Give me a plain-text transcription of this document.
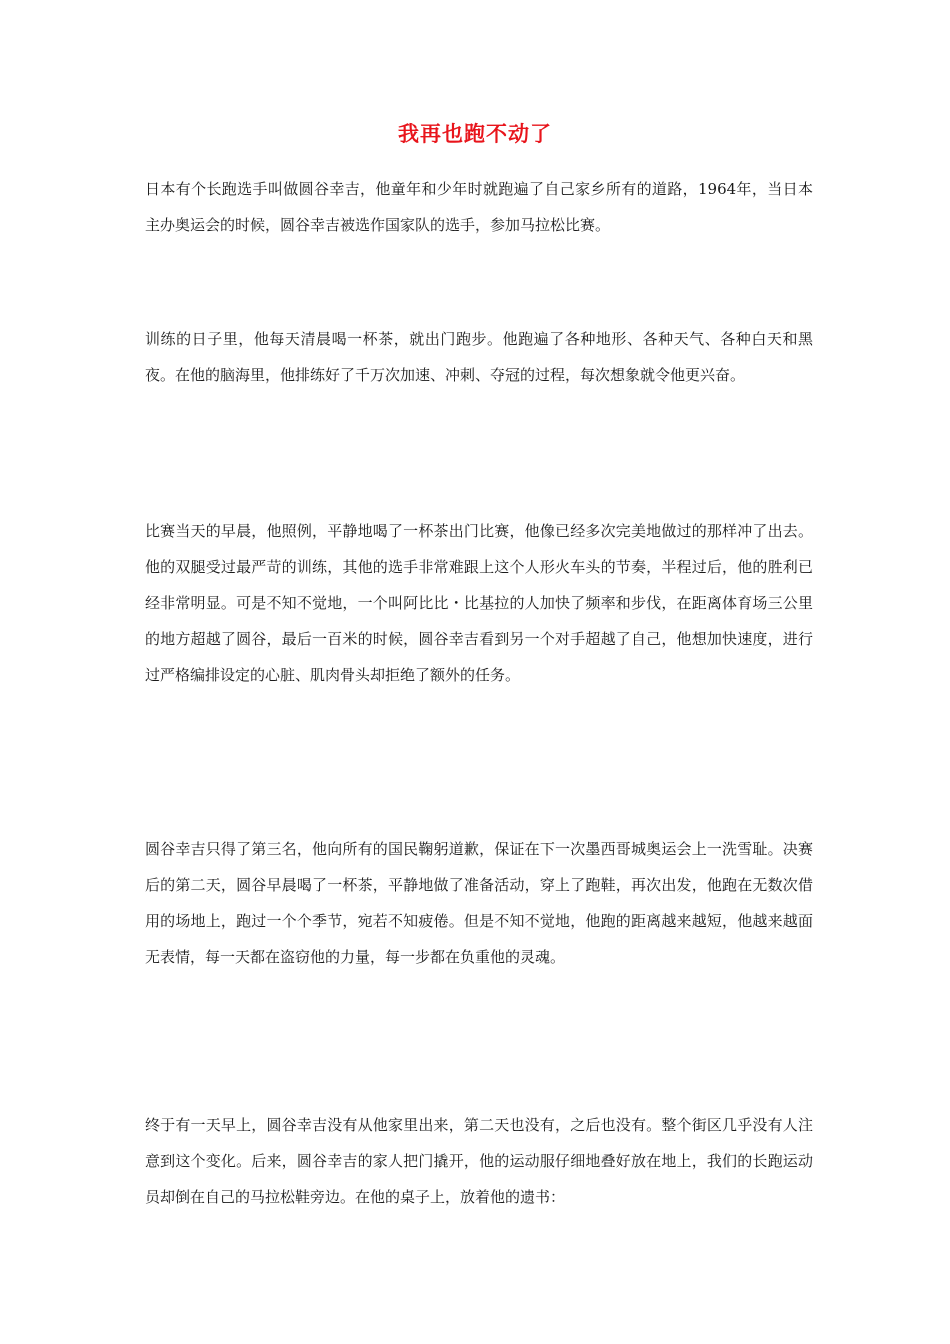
我再也跑不动了

日本有个长跑选手叫做圆谷幸吉，他童年和少年时就跑遍了自己家乡所有的道路，1964年，当日本主办奥运会的时候，圆谷幸吉被选作国家队的选手，参加马拉松比赛。

训练的日子里，他每天清晨喝一杯茶，就出门跑步。他跑遍了各种地形、各种天气、各种白天和黑夜。在他的脑海里，他排练好了千万次加速、冲刺、夺冠的过程，每次想象就令他更兴奋。

比赛当天的早晨，他照例，平静地喝了一杯茶出门比赛，他像已经多次完美地做过的那样冲了出去。他的双腿受过最严苛的训练，其他的选手非常难跟上这个人形火车头的节奏，半程过后，他的胜利已经非常明显。可是不知不觉地，一个叫阿比比・比基拉的人加快了频率和步伐，在距离体育场三公里的地方超越了圆谷，最后一百米的时候，圆谷幸吉看到另一个对手超越了自己，他想加快速度，进行过严格编排设定的心脏、肌肉骨头却拒绝了额外的任务。

圆谷幸吉只得了第三名，他向所有的国民鞠躬道歉，保证在下一次墨西哥城奥运会上一洗雪耻。决赛后的第二天，圆谷早晨喝了一杯茶，平静地做了准备活动，穿上了跑鞋，再次出发，他跑在无数次借用的场地上，跑过一个个季节，宛若不知疲倦。但是不知不觉地，他跑的距离越来越短，他越来越面无表情，每一天都在盗窃他的力量，每一步都在负重他的灵魂。

终于有一天早上，圆谷幸吉没有从他家里出来，第二天也没有，之后也没有。整个街区几乎没有人注意到这个变化。后来，圆谷幸吉的家人把门撬开，他的运动服仔细地叠好放在地上，我们的长跑运动员却倒在自己的马拉松鞋旁边。在他的桌子上，放着他的遗书：
